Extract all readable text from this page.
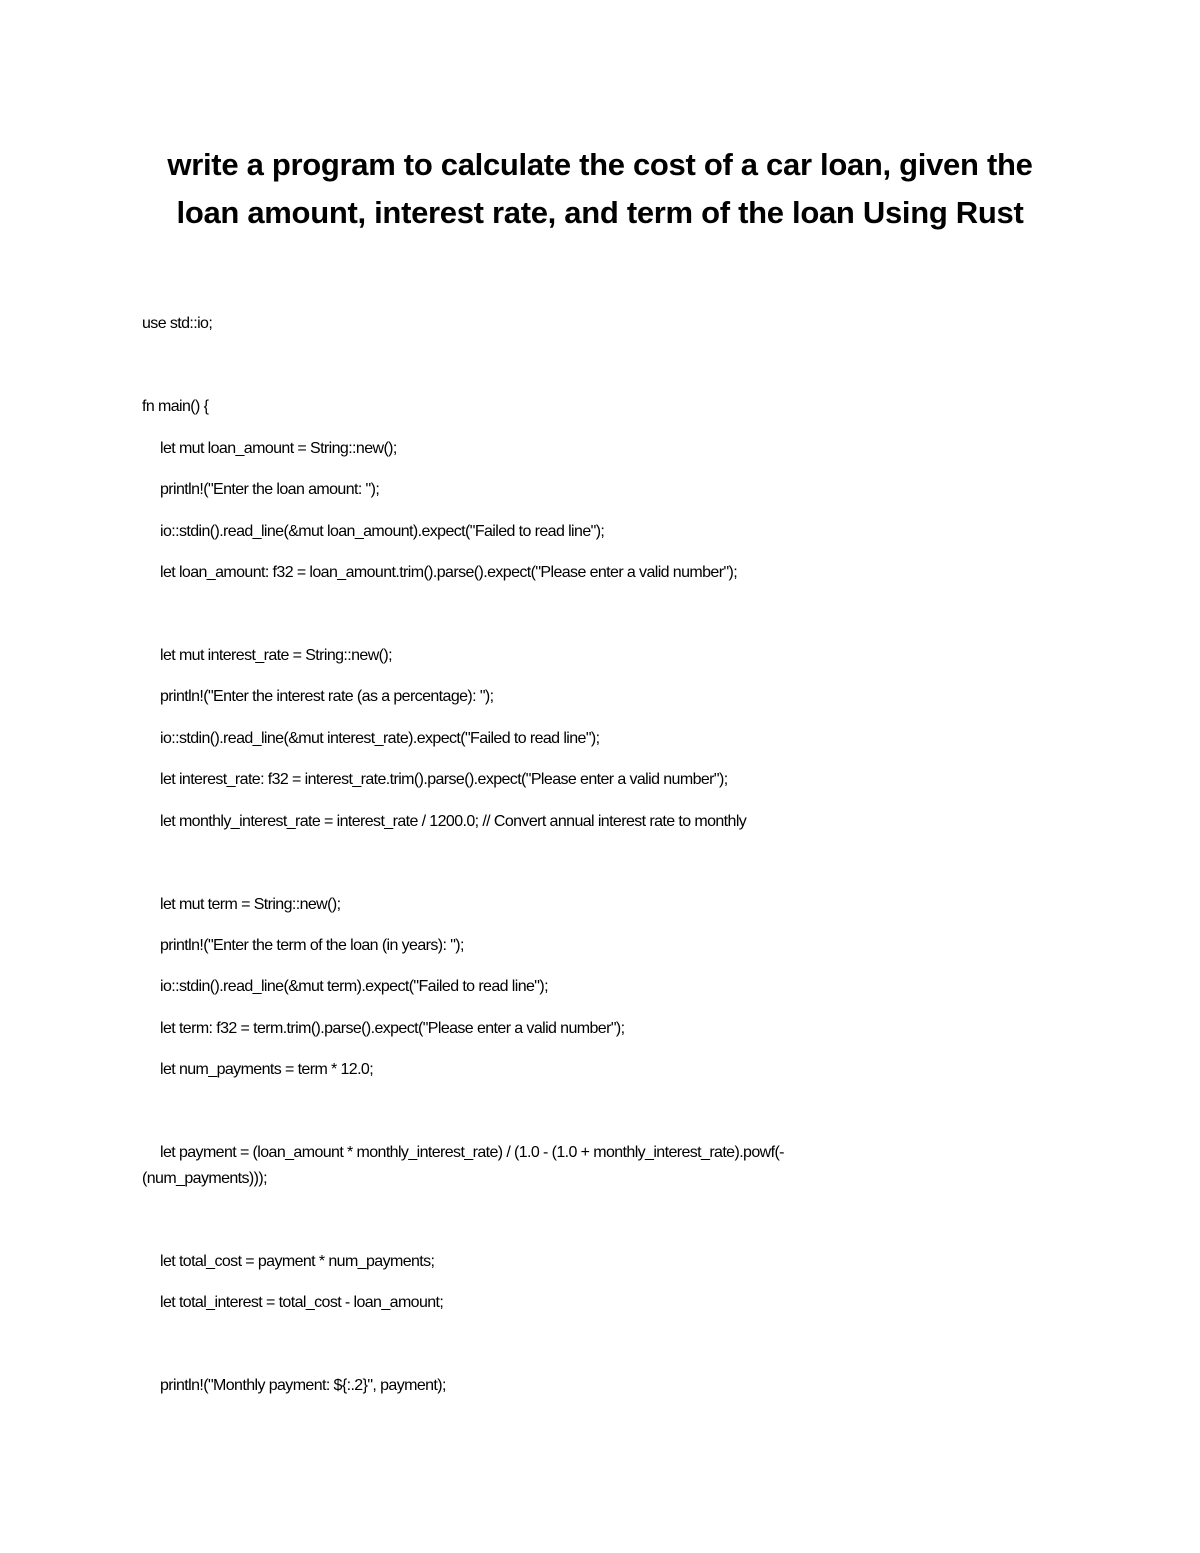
write a program to calculate the cost of a car loan, given the
loan amount, interest rate, and term of the loan Using Rust
use std::io;
fn main() {
let mut loan_amount = String::new();
println!("Enter the loan amount: ");
io::stdin().read_line(&mut loan_amount).expect("Failed to read line");
let loan_amount: f32 = loan_amount.trim().parse().expect("Please enter a valid number");
let mut interest_rate = String::new();
println!("Enter the interest rate (as a percentage): ");
io::stdin().read_line(&mut interest_rate).expect("Failed to read line");
let interest_rate: f32 = interest_rate.trim().parse().expect("Please enter a valid number");
let monthly_interest_rate = interest_rate / 1200.0; // Convert annual interest rate to monthly
let mut term = String::new();
println!("Enter the term of the loan (in years): ");
io::stdin().read_line(&mut term).expect("Failed to read line");
let term: f32 = term.trim().parse().expect("Please enter a valid number");
let num_payments = term * 12.0;
let payment = (loan_amount * monthly_interest_rate) / (1.0 - (1.0 + monthly_interest_rate).powf(-
(num_payments)));
let total_cost = payment * num_payments;
let total_interest = total_cost - loan_amount;
println!("Monthly payment: ${:.2}", payment);
